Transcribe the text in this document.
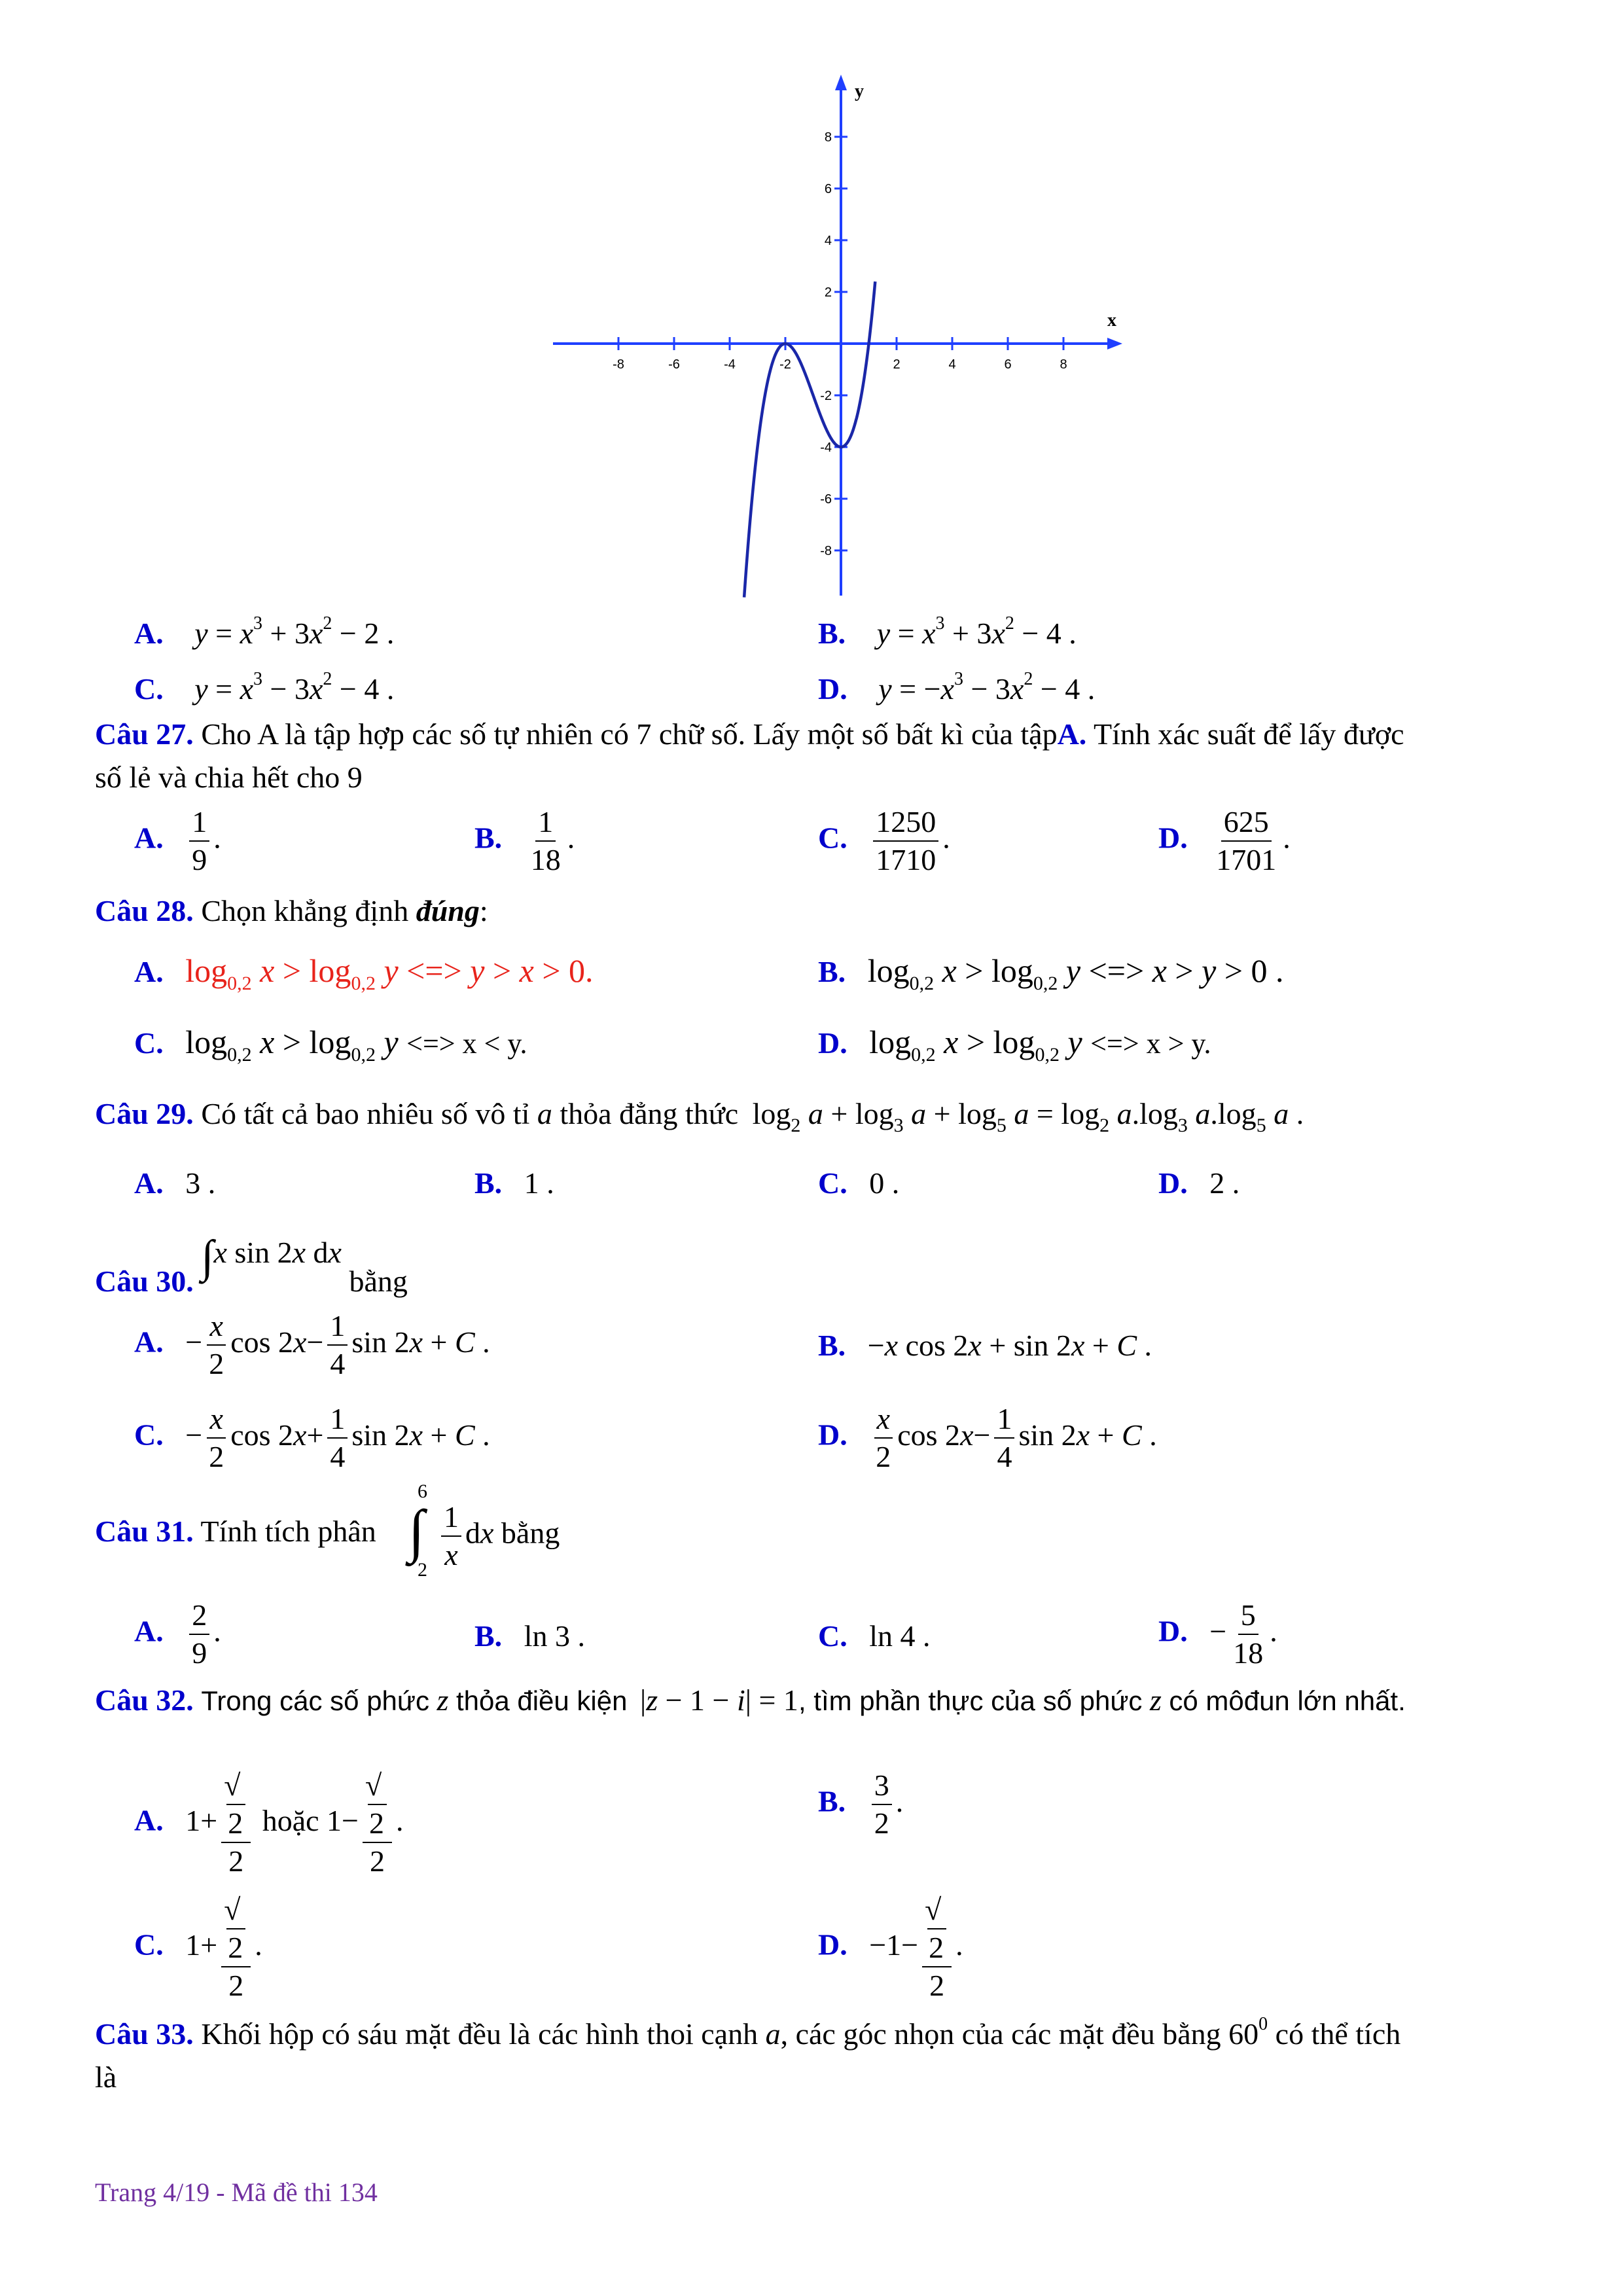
x
y
-8	-6	-4	-2	2	4	6	8
8
6
4
2
-2
-4
-6
-8
A. $y = x^3 + 3x^2 - 2$ .	B. $y = x^3 + 3x^2 - 4$ .
C. $y = x^3 - 3x^2 - 4$ .	D. $y = -x^3 - 3x^2 - 4$ .
Câu 27. Cho A là tập hợp các số tự nhiên có 7 chữ số. Lấy một số bất kì của tậpA. Tính xác suất để lấy được
số lẻ và chia hết cho 9
A. $\frac{1}{9}$ .	B. $\frac{1}{18}$ .	C. $\frac{1250}{1710}$ .	D. $\frac{625}{1701}$ .
Câu 28. Chọn khẳng định đúng:
A. $\log_{0,2} x > \log_{0,2} y$ <=> y > x > 0.	B. $\log_{0,2} x > \log_{0,2} y$ <=> x > y > 0 .
C. $\log_{0,2} x > \log_{0,2} y$ <=> x < y.	D. $\log_{0,2} x > \log_{0,2} y$ <=> x > y.
Câu 29. Có tất cả bao nhiêu số vô tỉ a thỏa đẳng thức $\log_2 a + \log_3 a + \log_5 a = \log_2 a.\log_3$ $a.\log_5$ a .
A. 3 .	B. 1 .	C. 0 .	D. 2 .
Câu 30. ∫x sin 2x dx bằng
A. − $\frac{x}{2}$ $\cos 2x- \frac{1}{4}$ sin 2x + C .	B. −x cos 2x + sin 2x + C .
C. − $\frac{x}{2}$ $\cos 2x+ \frac{1}{4}$ sin 2x + C .	D. $\frac{x}{2}$ $\cos 2x- \frac{1}{4}$ sin 2x + C .
Câu 31. Tính tích phân
6
∫
$2 \frac{1}{x}$ dx bằng
A. $\frac{2}{9}$ .	B. ln 3 .	C. ln 4 .	D. − $\frac{5}{18}$ .
Câu 32. Trong các số phức z thỏa điều kiện |z − 1 − i| = 1, tìm phần thực của số phức z có môđun lớn nhất.
A. 1+ √
2
2 hoặc 1− √
2
2 .
B. $\frac{3}{2}$ .
C. 1+ √
2
2 .	D. −1− √
2
2 .
Câu 33. Khối hộp có sáu mặt đều là các hình thoi cạnh a, các góc nhọn của các mặt đều bằng $60^0$ có thể tích
là
Trang 4/19 - Mã đề thi 134
